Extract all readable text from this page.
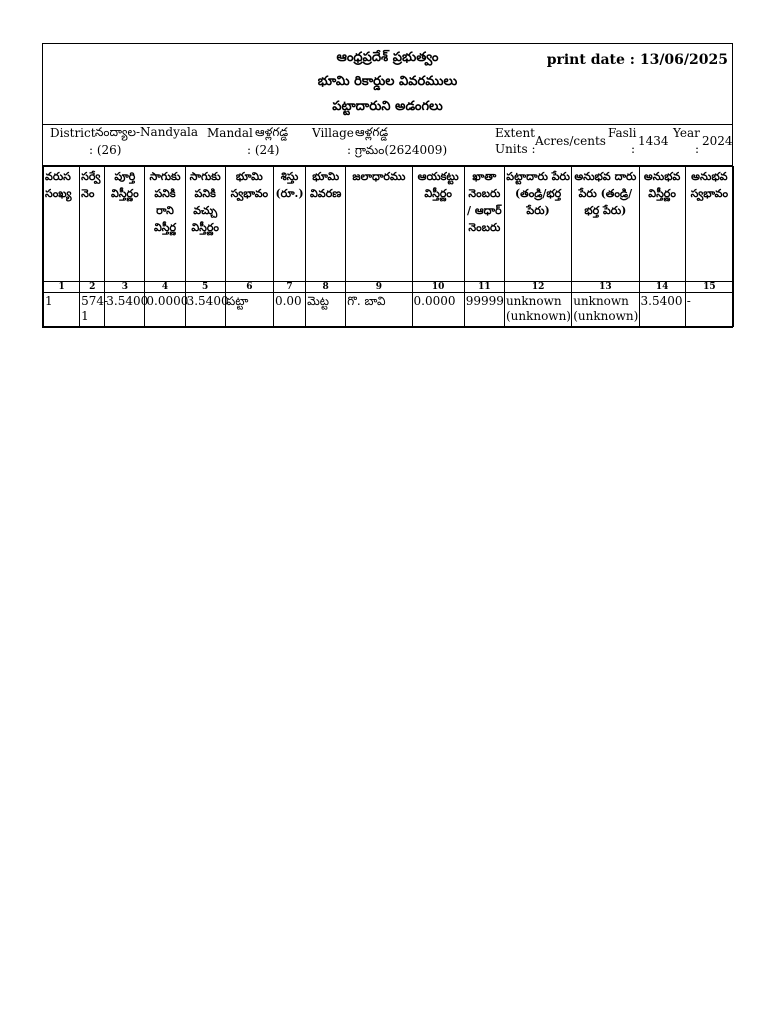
ఆంధ్రప్రదేశ్ ప్రభుత్వం
భూమి రికార్డుల వివరములు
పట్టాదారుని అడంగలు
print date : 13/06/2025
District నంద్యాల-Nandyala
: (26)
Mandal ఆళ్లగడ్డ
: (24)
Village ఆళ్లగడ్డ
: గ్రామం(2624009)
Extent
Units :
Acres/cents
Fasli
:
1434
Year
:
2024
వరుస సంఖ్య	సర్వే నెం	పూర్తి విస్తీర్ణం	సాగుకు పనికి రాని విస్తీర్ణ	సాగుకు పనికి వచ్చు విస్తీర్ణం	భూమి స్వభావం	శిస్తు (రూ.)	భూమి వివరణ	జలాధారము	ఆయకట్టు విస్తీర్ణం	ఖాతా నెంబరు / ఆధార్ నెంబరు	పట్టాదారు పేరు (తండ్రి/భర్త పేరు)	అనుభవ దారు పేరు (తండ్రి/భర్త పేరు)	అనుభవ విస్తీర్ణం	అనుభవ స్వభావం
1	2	3	4	5	6	7	8	9	10	11	12	13	14	15
1	574-1	3.5400	0.0000	3.5400	పట్టా	0.00	మెట్ట	గొ. బావి	0.0000	99999	unknown (unknown)	unknown (unknown)	3.5400	-
